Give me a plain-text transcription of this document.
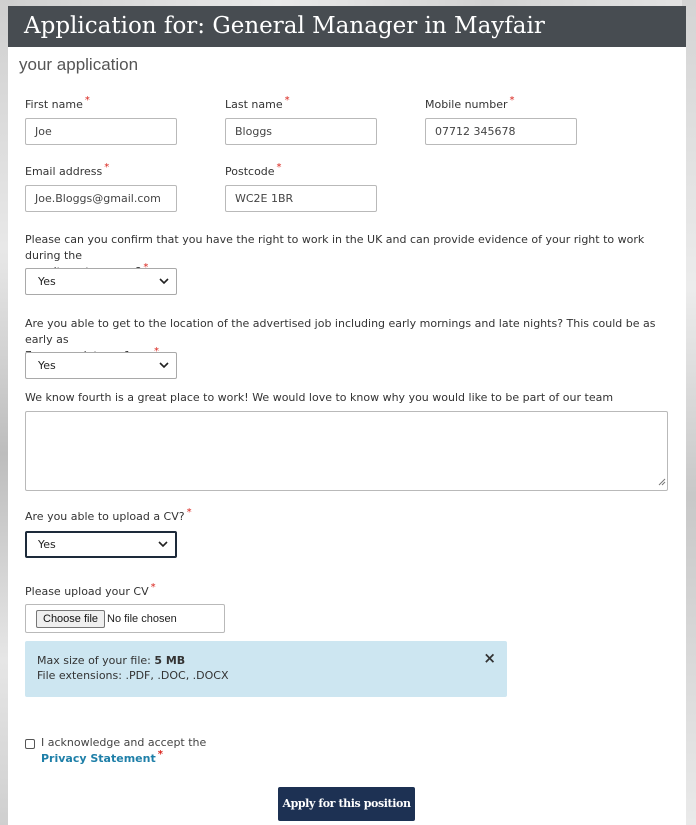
Application for: General Manager in Mayfair
your application
First name *
Joe
Last name *
Bloggs
Mobile number *
07712 345678
Email address *
Joe.Bloggs@gmail.com
Postcode *
WC2E 1BR
Please can you confirm that you have the right to work in the UK and can provide evidence of your right to work during the
Yes
Are you able to get to the location of the advertised job including early mornings and late nights? This could be as early as
Yes
We know fourth is a great place to work! We would love to know why you would like to be part of our team
Are you able to upload a CV? *
Yes
Please upload your CV *
Choose file No file chosen
Max size of your file: 5 MB
File extensions: .PDF, .DOC, .DOCX
×
I acknowledge and accept the
Privacy Statement *
Apply for this position
